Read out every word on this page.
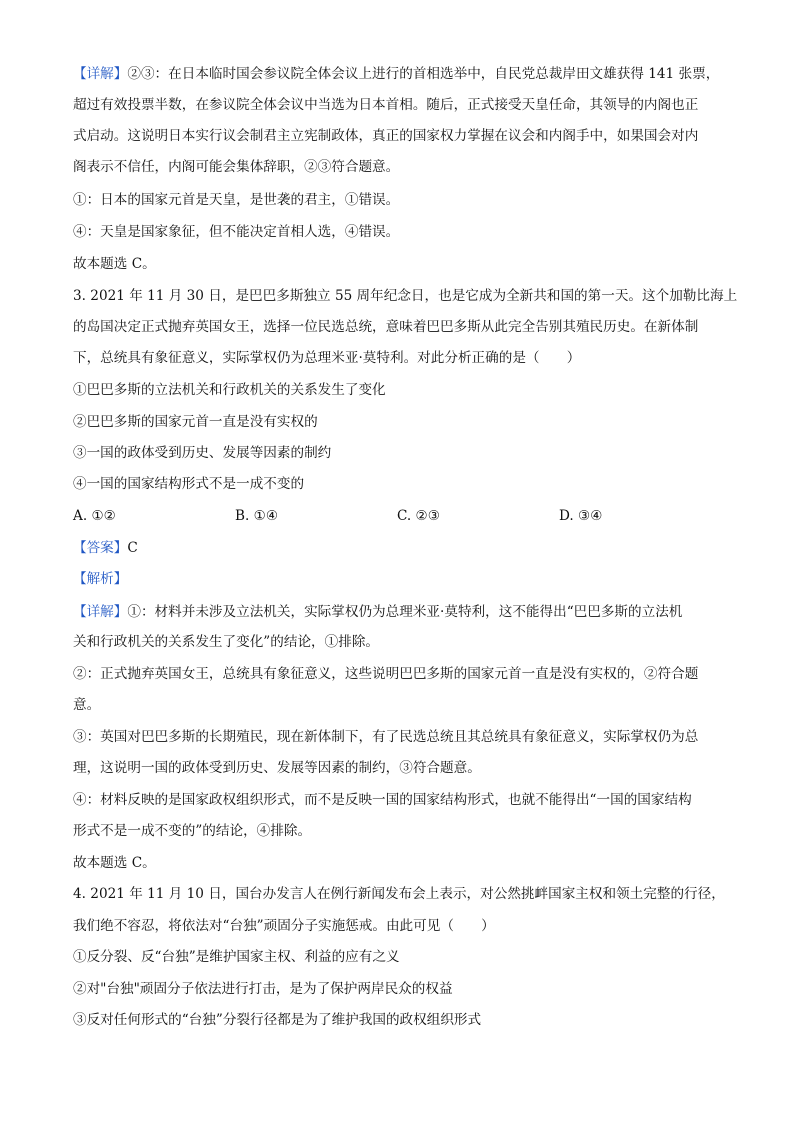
【详解】②③：在日本临时国会参议院全体会议上进行的首相选举中，自民党总裁岸田文雄获得 141 张票，
超过有效投票半数，在参议院全体会议中当选为日本首相。随后，正式接受天皇任命，其领导的内阁也正
式启动。这说明日本实行议会制君主立宪制政体，真正的国家权力掌握在议会和内阁手中，如果国会对内
阁表示不信任，内阁可能会集体辞职，②③符合题意。
①：日本的国家元首是天皇，是世袭的君主，①错误。
④：天皇是国家象征，但不能决定首相人选，④错误。
故本题选 C。
3. 2021 年 11 月 30 日，是巴巴多斯独立 55 周年纪念日，也是它成为全新共和国的第一天。这个加勒比海上
的岛国决定正式抛弃英国女王，选择一位民选总统，意味着巴巴多斯从此完全告别其殖民历史。在新体制
下，总统具有象征意义，实际掌权仍为总理米亚·莫特利。对此分析正确的是（　　）
①巴巴多斯的立法机关和行政机关的关系发生了变化
②巴巴多斯的国家元首一直是没有实权的
③一国的政体受到历史、发展等因素的制约
④一国的国家结构形式不是一成不变的
A. ①②	B. ①④	C. ②③	D. ③④
【答案】C
【解析】
【详解】①：材料并未涉及立法机关，实际掌权仍为总理米亚·莫特利，这不能得出“巴巴多斯的立法机
关和行政机关的关系发生了变化”的结论，①排除。
②：正式抛弃英国女王，总统具有象征意义，这些说明巴巴多斯的国家元首一直是没有实权的，②符合题
意。
③：英国对巴巴多斯的长期殖民，现在新体制下，有了民选总统且其总统具有象征意义，实际掌权仍为总
理，这说明一国的政体受到历史、发展等因素的制约，③符合题意。
④：材料反映的是国家政权组织形式，而不是反映一国的国家结构形式，也就不能得出“一国的国家结构
形式不是一成不变的”的结论，④排除。
故本题选 C。
4. 2021 年 11 月 10 日，国台办发言人在例行新闻发布会上表示，对公然挑衅国家主权和领土完整的行径，
我们绝不容忍，将依法对“台独”顽固分子实施惩戒。由此可见（　　）
①反分裂、反“台独”是维护国家主权、利益的应有之义
②对"台独"顽固分子依法进行打击，是为了保护两岸民众的权益
③反对任何形式的“台独”分裂行径都是为了维护我国的政权组织形式
